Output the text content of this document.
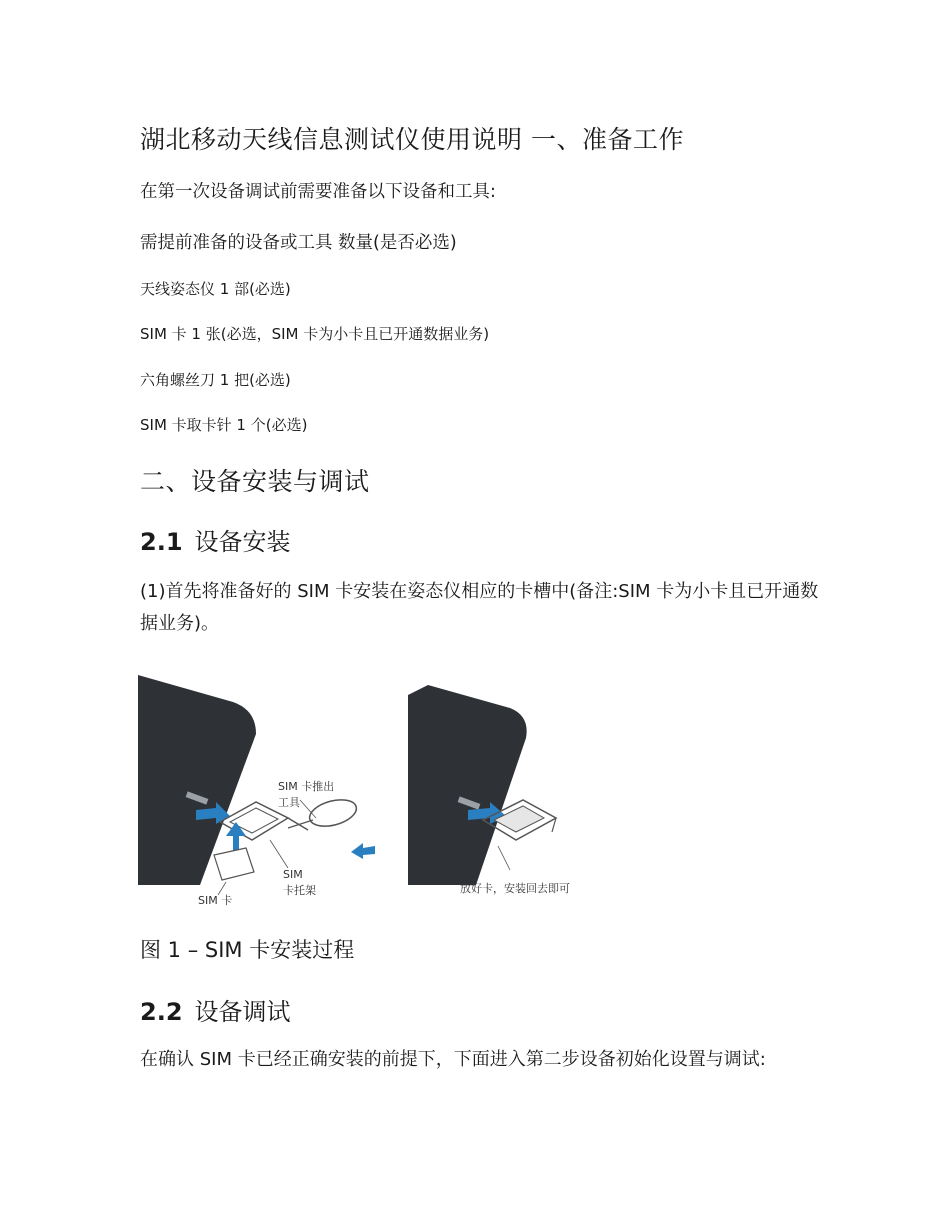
湖北移动天线信息测试仪使用说明 一、准备工作

在第一次设备调试前需要准备以下设备和工具:

需提前准备的设备或工具 数量(是否必选)

天线姿态仪 1 部(必选)

SIM 卡 1 张(必选，SIM 卡为小卡且已开通数据业务)

六角螺丝刀 1 把(必选)

SIM 卡取卡针 1 个(必选)

二、设备安装与调试

2.1 设备安装

(1)首先将准备好的 SIM 卡安装在姿态仪相应的卡槽中(备注:SIM 卡为小卡且已开通数据业务)。

SIM 卡推出
工具
SIM
卡托架
SIM 卡
放好卡，安装回去即可

图 1 – SIM 卡安装过程

2.2 设备调试

在确认 SIM 卡已经正确安装的前提下，下面进入第二步设备初始化设置与调试:
